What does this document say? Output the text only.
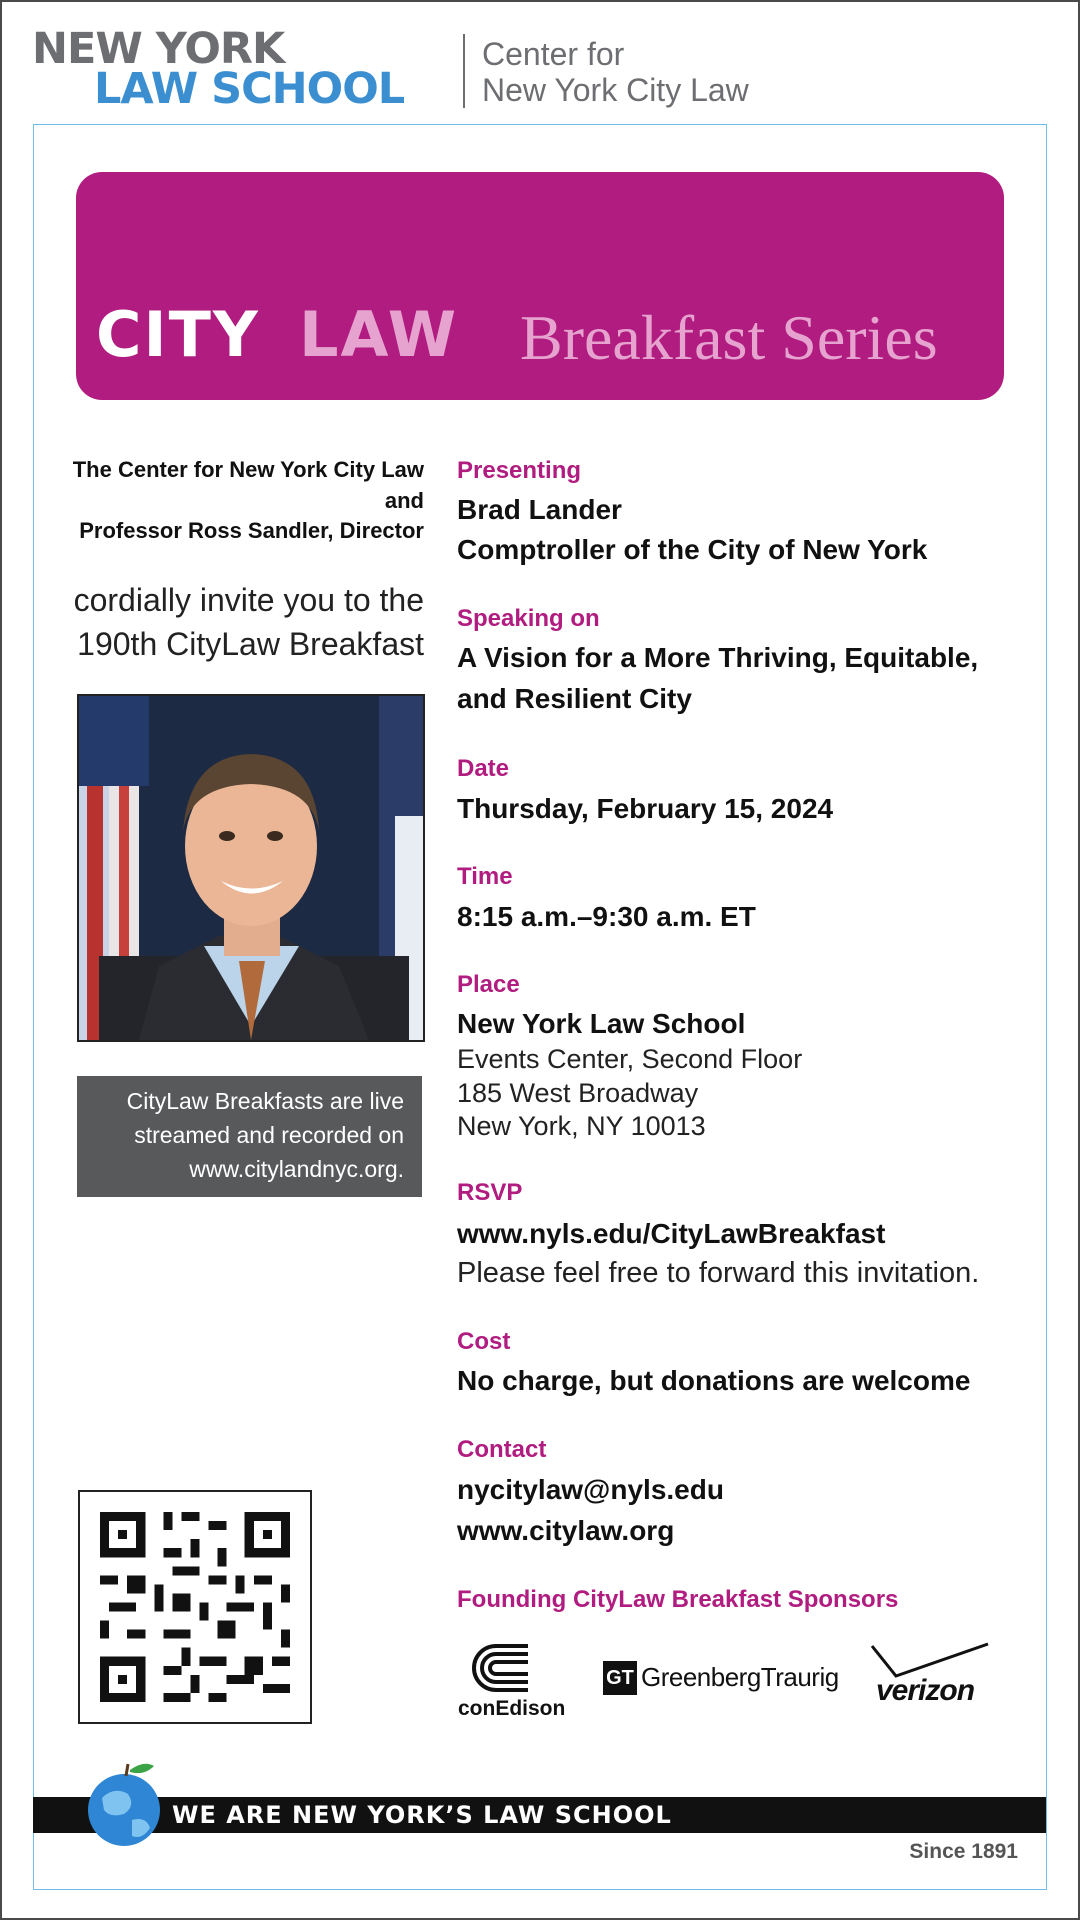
NEW YORK
LAW SCHOOL
Center for
New York City Law
CITY LAW Breakfast Series
The Center for New York City Law
and
Professor Ross Sandler, Director
cordially invite you to the
190th CityLaw Breakfast
CityLaw Breakfasts are live
streamed and recorded on
www.citylandnyc.org.
Presenting
Brad Lander
Comptroller of the City of New York
Speaking on
A Vision for a More Thriving, Equitable,
and Resilient City
Date
Thursday, February 15, 2024
Time
8:15 a.m.–9:30 a.m. ET
Place
New York Law School
Events Center, Second Floor
185 West Broadway
New York, NY 10013
RSVP
www.nyls.edu/CityLawBreakfast
Please feel free to forward this invitation.
Cost
No charge, but donations are welcome
Contact
nycitylaw@nyls.edu
www.citylaw.org
Founding CityLaw Breakfast Sponsors
conEdison
GT GreenbergTraurig verizon
WE ARE NEW YORK’S LAW SCHOOL
Since 1891
